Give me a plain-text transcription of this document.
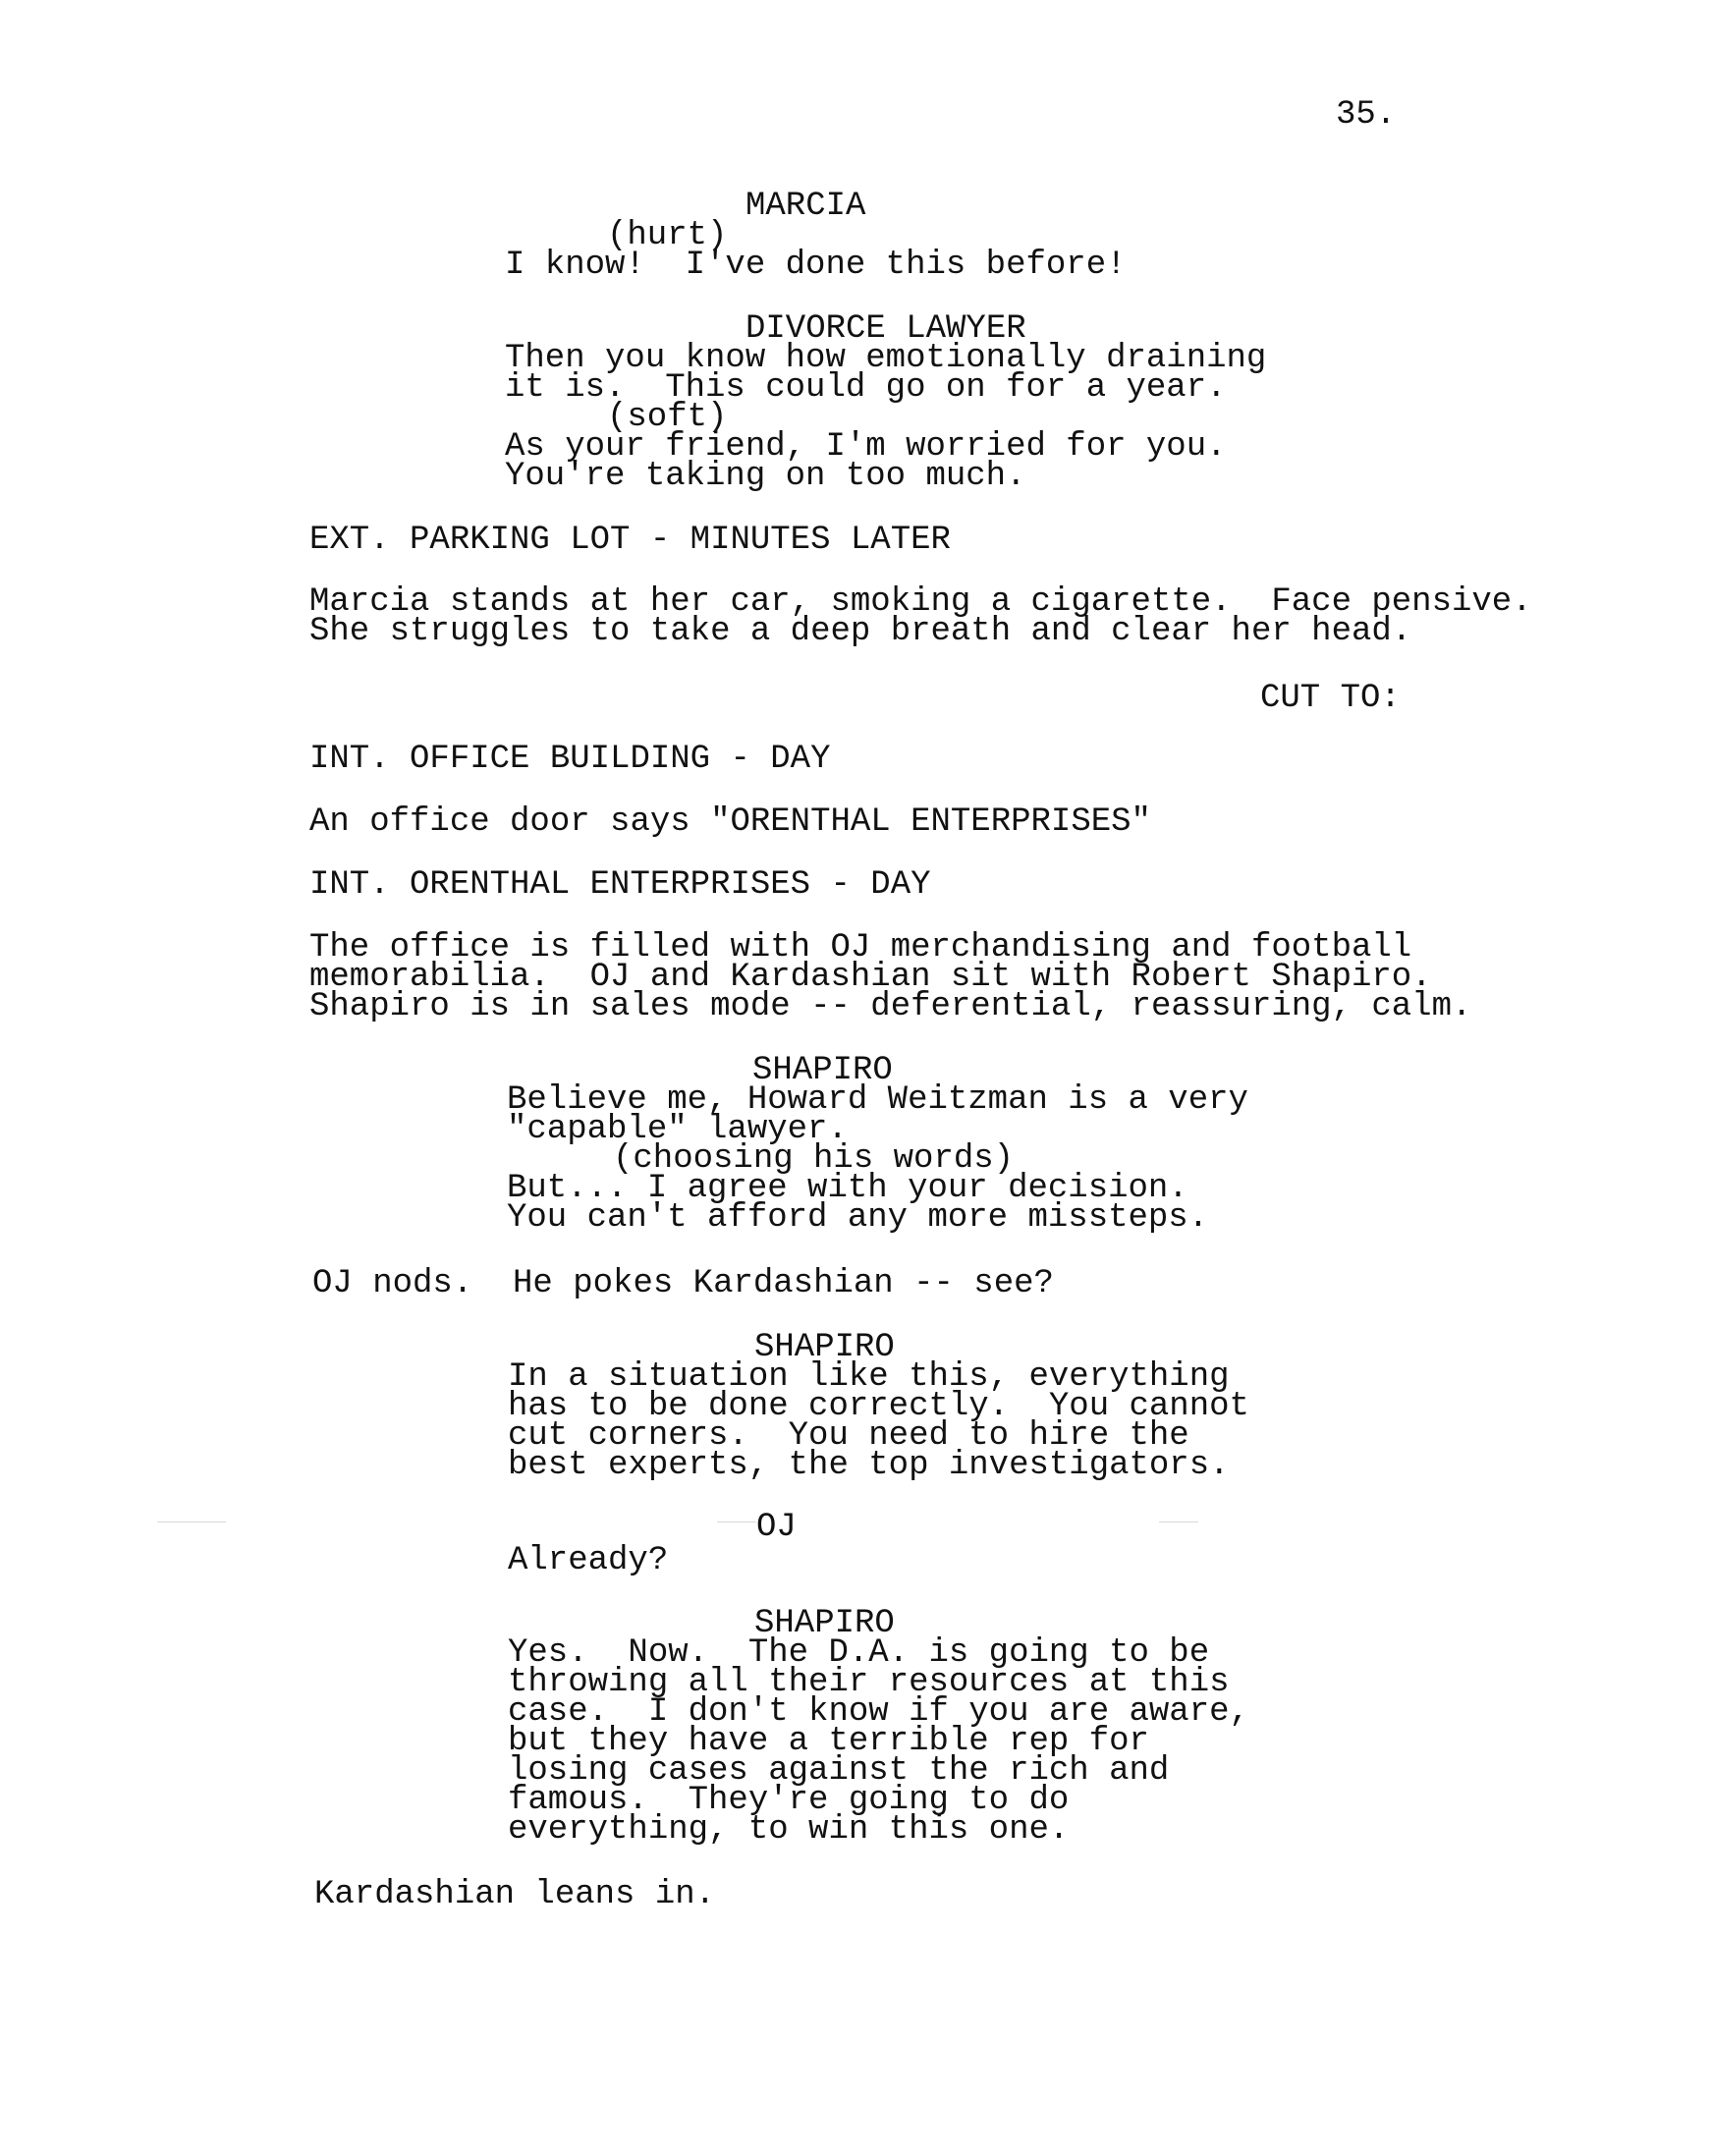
35.
MARCIA
(hurt)
I know!  I've done this before!
DIVORCE LAWYER
Then you know how emotionally draining
it is.  This could go on for a year.
(soft)
As your friend, I'm worried for you.
You're taking on too much.
EXT. PARKING LOT - MINUTES LATER
Marcia stands at her car, smoking a cigarette.  Face pensive.
She struggles to take a deep breath and clear her head.
CUT TO:
INT. OFFICE BUILDING - DAY
An office door says "ORENTHAL ENTERPRISES"
INT. ORENTHAL ENTERPRISES - DAY
The office is filled with OJ merchandising and football
memorabilia.  OJ and Kardashian sit with Robert Shapiro.
Shapiro is in sales mode -- deferential, reassuring, calm.
SHAPIRO
Believe me, Howard Weitzman is a very
"capable" lawyer.
(choosing his words)
But... I agree with your decision.
You can't afford any more missteps.
OJ nods.  He pokes Kardashian -- see?
SHAPIRO
In a situation like this, everything
has to be done correctly.  You cannot
cut corners.  You need to hire the
best experts, the top investigators.
OJ
Already?
SHAPIRO
Yes.  Now.  The D.A. is going to be
throwing all their resources at this
case.  I don't know if you are aware,
but they have a terrible rep for
losing cases against the rich and
famous.  They're going to do
everything, to win this one.
Kardashian leans in.
